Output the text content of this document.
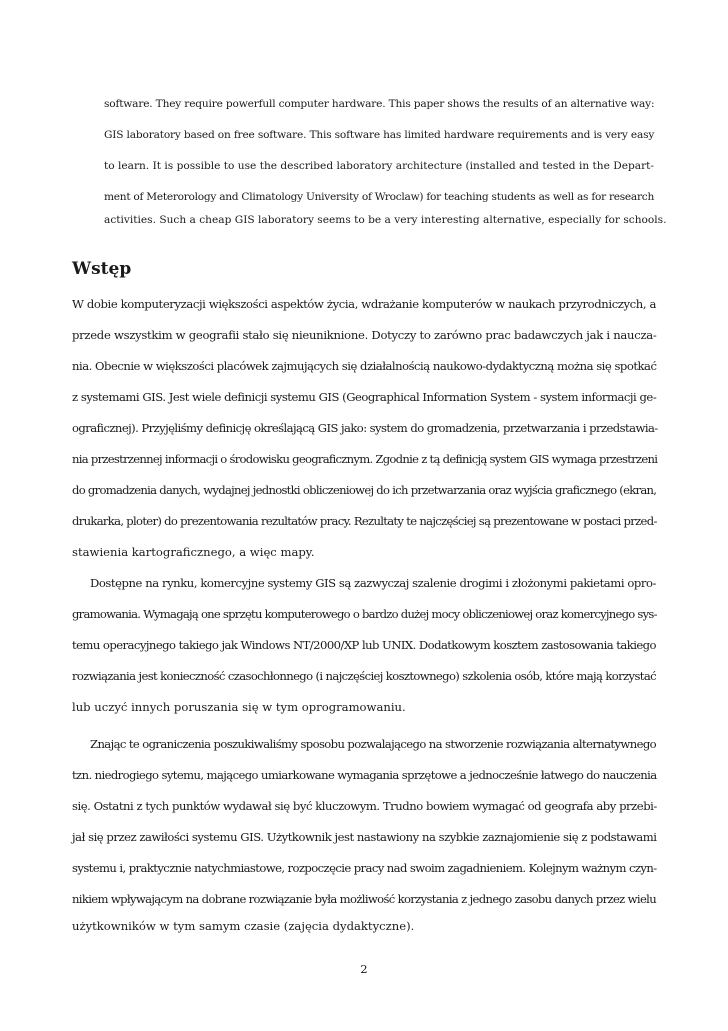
software. They require powerfull computer hardware. This paper shows the results of an alternative way:
GIS laboratory based on free software. This software has limited hardware requirements and is very easy
to learn. It is possible to use the described laboratory architecture (installed and tested in the Depart-
ment of Meterorology and Climatology University of Wroclaw) for teaching students as well as for research
activities. Such a cheap GIS laboratory seems to be a very interesting alternative, especially for schools.
Wstęp
W dobie komputeryzacji większości aspektów życia, wdrażanie komputerów w naukach przyrodniczych, a
przede wszystkim w geografii stało się nieuniknione. Dotyczy to zarówno prac badawczych jak i naucza-
nia. Obecnie w większości placówek zajmujących się działalnością naukowo-dydaktyczną można się spotkać
z systemami GIS. Jest wiele definicji systemu GIS (Geographical Information System - system informacji ge-
ograficznej). Przyjęliśmy definicję określającą GIS jako: system do gromadzenia, przetwarzania i przedstawia-
nia przestrzennej informacji o środowisku geograficznym. Zgodnie z tą definicją system GIS wymaga przestrzeni
do gromadzenia danych, wydajnej jednostki obliczeniowej do ich przetwarzania oraz wyjścia graficznego (ekran,
drukarka, ploter) do prezentowania rezultatów pracy. Rezultaty te najczęściej są prezentowane w postaci przed-
stawienia kartograficznego, a więc mapy.
Dostępne na rynku, komercyjne systemy GIS są zazwyczaj szalenie drogimi i złożonymi pakietami opro-
gramowania. Wymagają one sprzętu komputerowego o bardzo dużej mocy obliczeniowej oraz komercyjnego sys-
temu operacyjnego takiego jak Windows NT/2000/XP lub UNIX. Dodatkowym kosztem zastosowania takiego
rozwiązania jest konieczność czasochłonnego (i najczęściej kosztownego) szkolenia osób, które mają korzystać
lub uczyć innych poruszania się w tym oprogramowaniu.
Znając te ograniczenia poszukiwaliśmy sposobu pozwalającego na stworzenie rozwiązania alternatywnego
tzn. niedrogiego sytemu, mającego umiarkowane wymagania sprzętowe a jednocześnie łatwego do nauczenia
się. Ostatni z tych punktów wydawał się być kluczowym. Trudno bowiem wymagać od geografa aby przebi-
jał się przez zawiłości systemu GIS. Użytkownik jest nastawiony na szybkie zaznajomienie się z podstawami
systemu i, praktycznie natychmiastowe, rozpoczęcie pracy nad swoim zagadnieniem. Kolejnym ważnym czyn-
nikiem wpływającym na dobrane rozwiązanie była możliwość korzystania z jednego zasobu danych przez wielu
użytkowników w tym samym czasie (zajęcia dydaktyczne).
2
